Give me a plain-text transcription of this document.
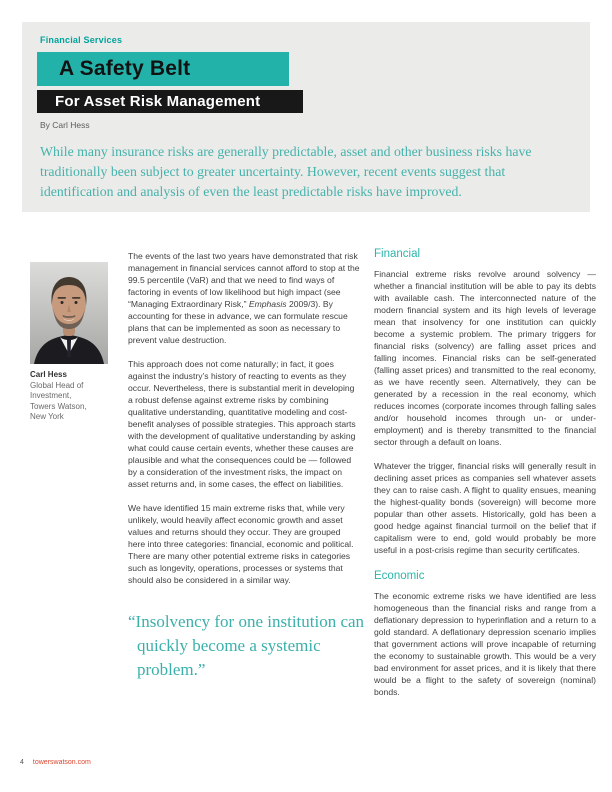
Financial Services
A Safety Belt
For Asset Risk Management
By Carl Hess
While many insurance risks are generally predictable, asset and other business risks have traditionally been subject to greater uncertainty. However, recent events suggest that identification and analysis of even the least predictable risks have improved.
Carl Hess
Global Head of
Investment,
Towers Watson,
New York

The events of the last two years have demonstrated that risk management in financial services cannot afford to stop at the 99.5 percentile (VaR) and that we need to find ways of factoring in events of low likelihood but high impact (see “Managing Extraordinary Risk,” Emphasis 2009/3). By accounting for these in advance, we can formulate rescue plans that can be implemented as soon as necessary to prevent value destruction.

This approach does not come naturally; in fact, it goes against the industry’s history of reacting to events as they occur. Nevertheless, there is substantial merit in developing a robust defense against extreme risks by combining qualitative understanding, quantitative modeling and cost-benefit analyses of possible strategies. This approach starts with the development of qualitative understanding by asking what could cause certain events, whether these causes are plausible and what the consequences could be — followed by a consideration of the investment risks, the impact on asset returns and, in some cases, the effect on liabilities.

We have identified 15 main extreme risks that, while very unlikely, would heavily affect economic growth and asset values and returns should they occur. They are grouped here into three categories: financial, economic and political. There are many other potential extreme risks in categories such as longevity, operations, processes or systems that should also be considered in a similar way.

“Insolvency for one institution can quickly become a systemic problem.”
Financial

Financial extreme risks revolve around solvency — whether a financial institution will be able to pay its debts with available cash. The interconnected nature of the modern financial system and its high levels of leverage mean that insolvency for one institution can quickly become a systemic problem. The primary triggers for financial risks (solvency) are falling asset prices and falling incomes. Financial risks can be self-generated (falling asset prices) and transmitted to the real economy, as we have recently seen. Alternatively, they can be generated by a recession in the real economy, which reduces incomes (corporate incomes through falling sales and/or household incomes through un- or under-employment) and is thereby transmitted to the financial sector through a default on loans.

Whatever the trigger, financial risks will generally result in declining asset prices as companies sell whatever assets they can to raise cash. A flight to quality ensues, meaning the highest-quality bonds (sovereign) will become more popular than other assets. Historically, gold has been a good hedge against financial turmoil on the belief that if capitalism were to end, gold would probably be more useful in a post-crisis regime than security certificates.

Economic

The economic extreme risks we have identified are less homogeneous than the financial risks and range from a deflationary depression to hyperinflation and a return to a gold standard. A deflationary depression scenario implies that government actions will prove incapable of returning the economy to sustainable growth. This would be a very bad environment for asset prices, and it is likely that there would be a flight to the safety of sovereign (nominal) bonds.

4 towerswatson.com
